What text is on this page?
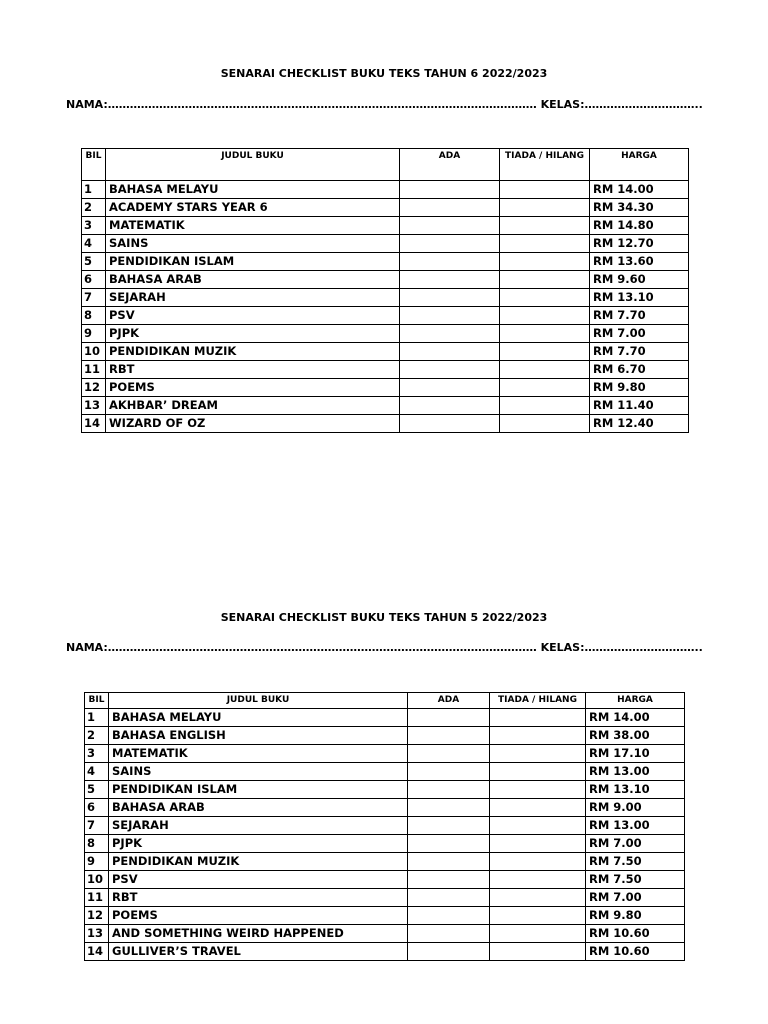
SENARAI CHECKLIST BUKU TEKS TAHUN 6 2022/2023
NAMA:……………………………………………………………………………………………………… KELAS:…………………………..
BIL	JUDUL BUKU	ADA	TIADA / HILANG	HARGA
1	BAHASA MELAYU			RM 14.00
2	ACADEMY STARS YEAR 6			RM 34.30
3	MATEMATIK			RM 14.80
4	SAINS			RM 12.70
5	PENDIDIKAN ISLAM			RM 13.60
6	BAHASA ARAB			RM 9.60
7	SEJARAH			RM 13.10
8	PSV			RM 7.70
9	PJPK			RM 7.00
10	PENDIDIKAN MUZIK			RM 7.70
11	RBT			RM 6.70
12	POEMS			RM 9.80
13	AKHBAR’ DREAM			RM 11.40
14	WIZARD OF OZ			RM 12.40
SENARAI CHECKLIST BUKU TEKS TAHUN 5 2022/2023
NAMA:……………………………………………………………………………………………………… KELAS:…………………………..
BIL	JUDUL BUKU	ADA	TIADA / HILANG	HARGA
1	BAHASA MELAYU			RM 14.00
2	BAHASA ENGLISH			RM 38.00
3	MATEMATIK			RM 17.10
4	SAINS			RM 13.00
5	PENDIDIKAN ISLAM			RM 13.10
6	BAHASA ARAB			RM 9.00
7	SEJARAH			RM 13.00
8	PJPK			RM 7.00
9	PENDIDIKAN MUZIK			RM 7.50
10	PSV			RM 7.50
11	RBT			RM 7.00
12	POEMS			RM 9.80
13	AND SOMETHING WEIRD HAPPENED			RM 10.60
14	GULLIVER’S TRAVEL			RM 10.60
